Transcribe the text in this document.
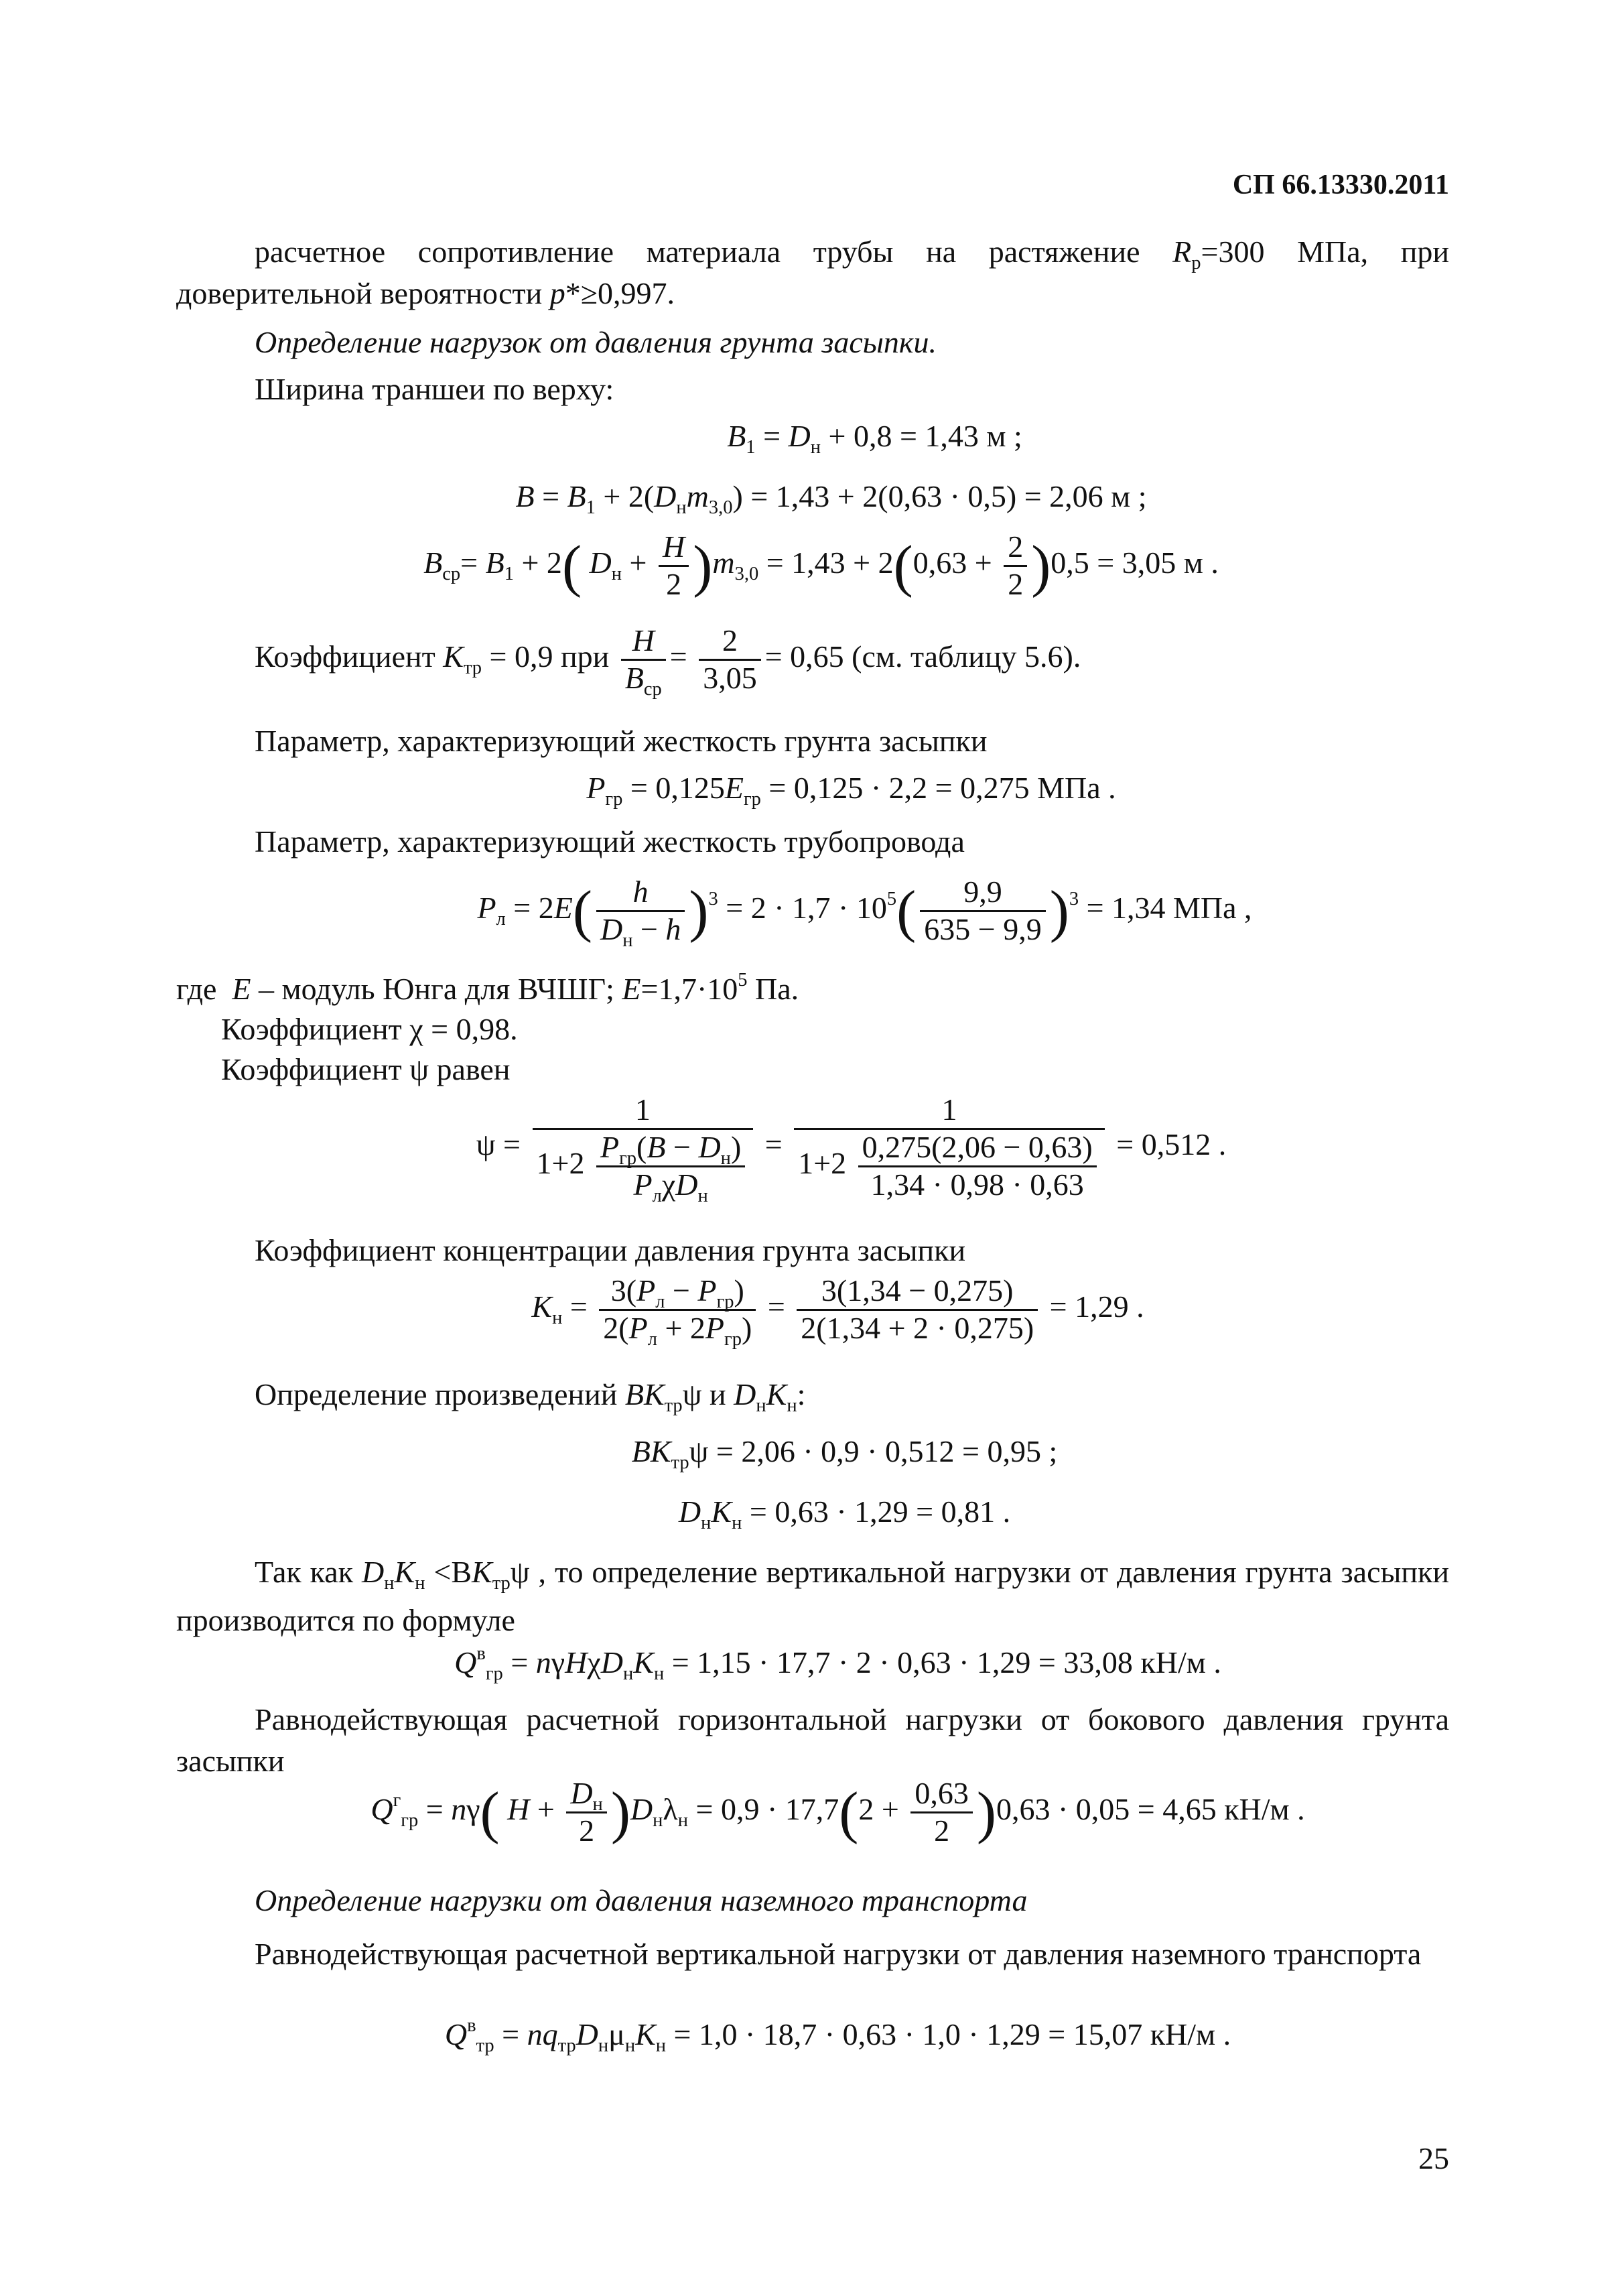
СП 66.13330.2011
расчетное сопротивление материала трубы на растяжение $R_р=300$ МПа, при доверительной вероятности p*≥0,997.
Определение нагрузок от давления грунта засыпки.
Ширина траншеи по верху:
$B_1 = D_н + 0,8 = 1,43$ м ;
$B = B_1 + 2(D_нm_{3,0}) = 1,43 + 2(0,63 \cdot 0,5) = 2,06$ м ;
$B_{ср}= B_1 + 2$( $D_н + \frac{H}{2} )m_{3,0} = 1,43 + 2(0,63 + \frac{2}{2} )0,5 = 3,05$ м .
Коэффициент $K_{тр} = 0,9$ при $\frac{H}{B_{ср}} = \frac{2}{3,05} = 0,65$ (см. таблицу 5.6).
Параметр, характеризующий жесткость грунта засыпки
$P_{гр} = 0,125E_{гр} = 0,125 \cdot 2,2 = 0,275$ МПа .
Параметр, характеризующий жесткость трубопровода
$P_л = 2E( \frac{h}{D_н - h} )^3 = 2 \cdot 1,7 \cdot 10^5( \frac{9,9}{635 - 9,9} )^3 = 1,34$ МПа ,
где  E – модуль Юнга для ВЧШГ; $E=1,7\cdot 10^5$ Па.
Коэффициент χ = 0,98.
Коэффициент ψ равен
$\psi = \frac{1}{1+2 \frac{P_{гр}(B - D_н)}{P_л\chi D_н}} = \frac{1}{1+2 \frac{0,275(2,06 - 0,63)}{1,34 \cdot 0,98 \cdot 0,63}} = 0,512$ .
Коэффициент концентрации давления грунта засыпки
$K_н = \frac{3(P_л - P_{гр})}{2(P_л + 2P_{гр})} = \frac{3(1,34 - 0,275)}{2(1,34 + 2 \cdot 0,275)} = 1,29$ .
Определение произведений $BK_{тр}\psi$ и $D_нK_н$:
$BK_{тр}\psi = 2,06 \cdot 0,9 \cdot 0,512 = 0,95$ ;
$D_нK_н = 0,63 \cdot 1,29 = 0,81$ .
Так как $D_нK_н <BK_{тр}\psi$ , то определение вертикальной нагрузки от давления грунта засыпки производится по формуле
$Q^в_{гр} = n\gamma H\chi D_нK_н = 1,15 \cdot 17,7 \cdot 2 \cdot 0,63 \cdot 1,29 = 33,08$ кН/м .
Равнодействующая расчетной горизонтальной нагрузки от бокового давления грунта засыпки
$Q^г_{гр} = n\gamma$( $H + \frac{D_н}{2} )D_н\lambda_н = 0,9 \cdot 17,7(2 + \frac{0,63}{2} )0,63 \cdot 0,05 = 4,65$ кН/м .
Определение нагрузки от давления наземного транспорта
Равнодействующая расчетной вертикальной нагрузки от давления наземного транспорта
$Q^в_{тр} = nq_{тр}D_н\mu_нK_н = 1,0 \cdot 18,7 \cdot 0,63 \cdot 1,0 \cdot 1,29 = 15,07$ кН/м .
25
